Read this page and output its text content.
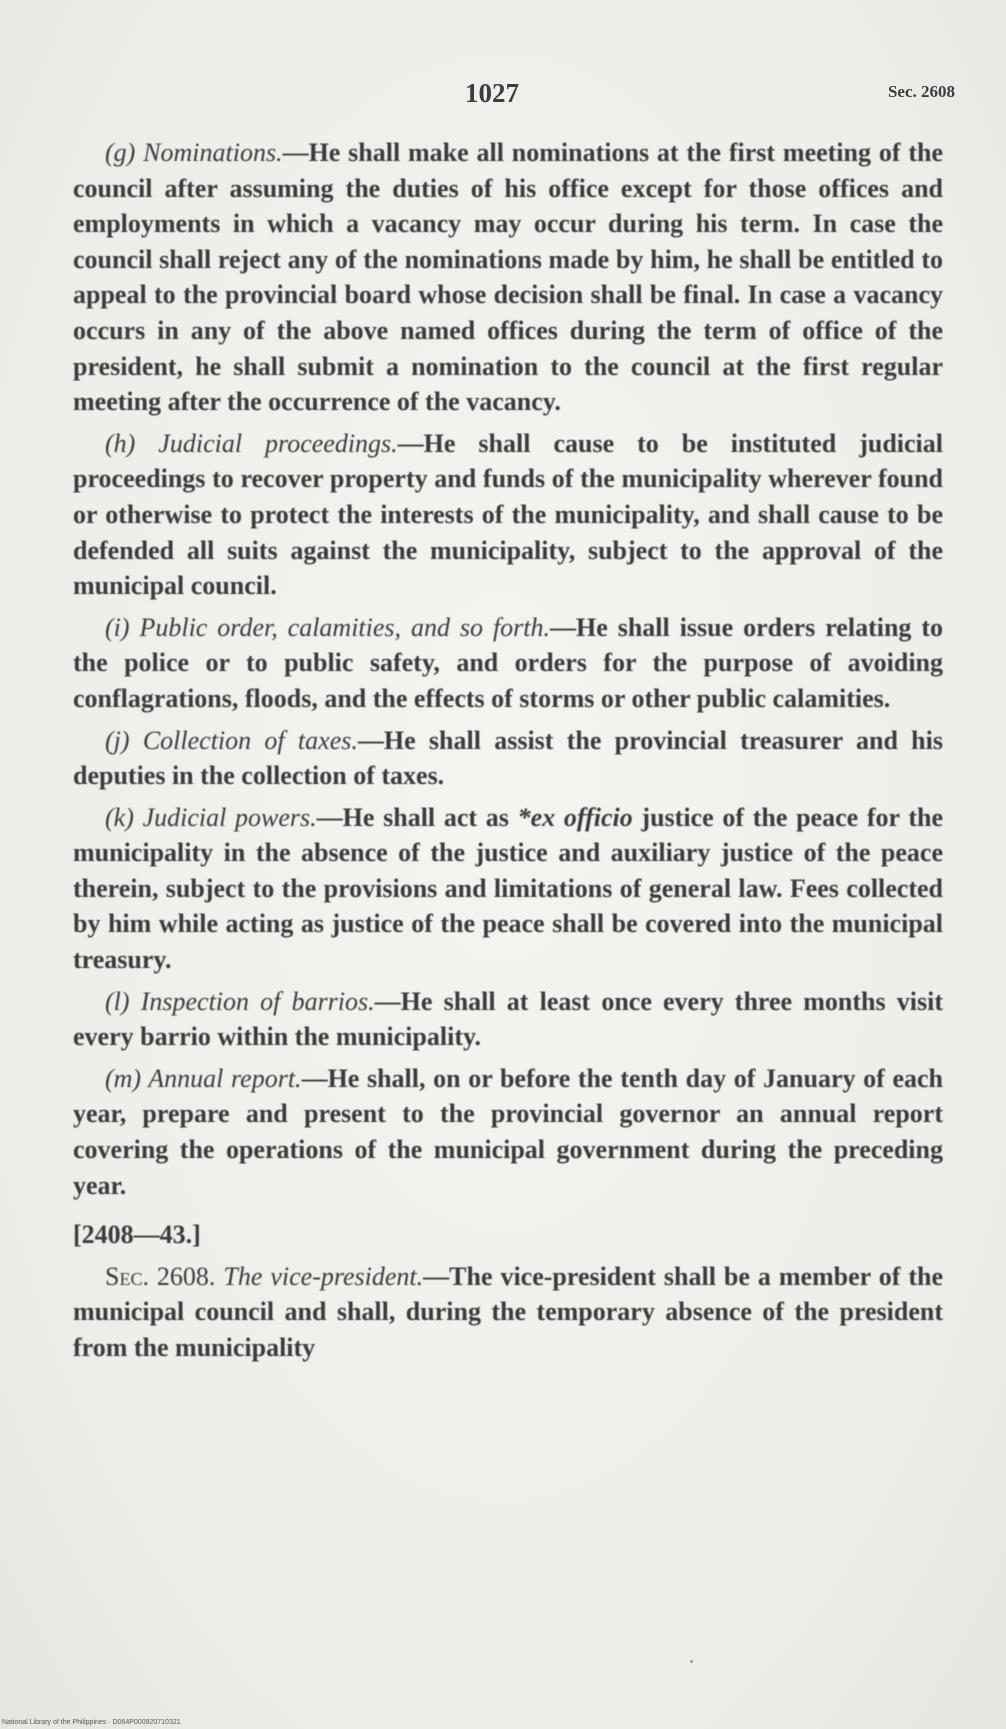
1027	Sec. 2608

(g) Nominations.—He shall make all nominations at the first meeting of the council after assuming the duties of his office except for those offices and employments in which a vacancy may occur during his term. In case the council shall reject any of the nominations made by him, he shall be entitled to appeal to the provincial board whose decision shall be final. In case a vacancy occurs in any of the above named offices during the term of office of the president, he shall submit a nomination to the council at the first regular meeting after the occurrence of the vacancy.

(h) Judicial proceedings.—He shall cause to be instituted judicial proceedings to recover property and funds of the municipality wherever found or otherwise to protect the interests of the municipality, and shall cause to be defended all suits against the municipality, subject to the approval of the municipal council.

(i) Public order, calamities, and so forth.—He shall issue orders relating to the police or to public safety, and orders for the purpose of avoiding conflagrations, floods, and the effects of storms or other public calamities.

(j) Collection of taxes.—He shall assist the provincial treasurer and his deputies in the collection of taxes.

(k) Judicial powers.—He shall act as *ex officio justice of the peace for the municipality in the absence of the justice and auxiliary justice of the peace therein, subject to the provisions and limitations of general law. Fees collected by him while acting as justice of the peace shall be covered into the municipal treasury.

(l) Inspection of barrios.—He shall at least once every three months visit every barrio within the municipality.

(m) Annual report.—He shall, on or before the tenth day of January of each year, prepare and present to the provincial governor an annual report covering the operations of the municipal government during the preceding year.

[2408—43.]

Sec. 2608. The vice-president.—The vice-president shall be a member of the municipal council and shall, during the temporary absence of the president from the municipality

National Library of the Philippines · D064P000920710321
